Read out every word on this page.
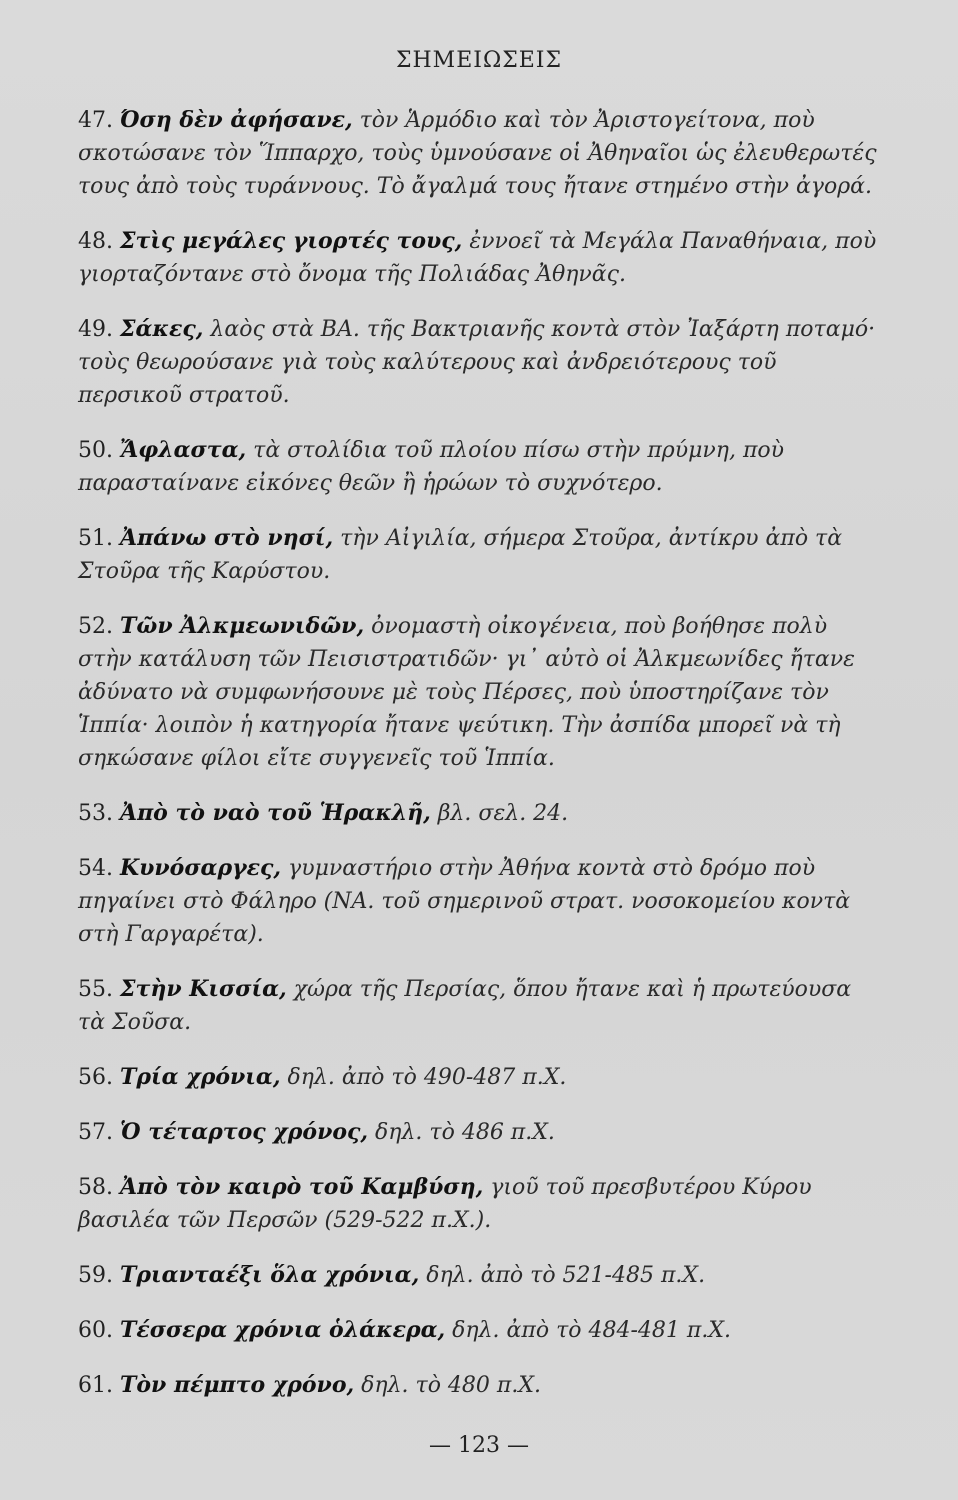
ΣΗΜΕΙΩΣΕΙΣ

47. Όση δὲν ἀφήσανε, τὸν Ἁρμόδιο καὶ τὸν Ἀριστογείτονα, ποὺ σκοτώσανε τὸν Ἵππαρχο, τοὺς ὑμνούσανε οἱ Ἀθηναῖοι ὡς ἐλευθερωτές τους ἀπὸ τοὺς τυράννους. Τὸ ἄγαλμά τους ἤτανε στημένο στὴν ἀγορά.

48. Στὶς μεγάλες γιορτές τους, ἐννοεῖ τὰ Μεγάλα Παναθήναια, ποὺ γιορταζόντανε στὸ ὄνομα τῆς Πολιάδας Ἀθηνᾶς.

49. Σάκες, λαὸς στὰ ΒΑ. τῆς Βακτριανῆς κοντὰ στὸν Ἰαξάρτη ποταμό· τοὺς θεωρούσανε γιὰ τοὺς καλύτερους καὶ ἀνδρειότερους τοῦ περσικοῦ στρατοῦ.

50. Ἄφλαστα, τὰ στολίδια τοῦ πλοίου πίσω στὴν πρύμνη, ποὺ παρασταίνανε εἰκόνες θεῶν ἢ ἡρώων τὸ συχνότερο.

51. Ἀπάνω στὸ νησί, τὴν Αἰγιλία, σήμερα Στοῦρα, ἀντίκρυ ἀπὸ τὰ Στοῦρα τῆς Καρύστου.

52. Τῶν Ἀλκμεωνιδῶν, ὀνομαστὴ οἰκογένεια, ποὺ βοήθησε πολὺ στὴν κατάλυση τῶν Πεισιστρατιδῶν· γι᾽ αὐτὸ οἱ Ἀλκμεωνίδες ἤτανε ἀδύνατο νὰ συμφωνήσουνε μὲ τοὺς Πέρσες, ποὺ ὑποστηρίζανε τὸν Ἱππία· λοιπὸν ἡ κατηγορία ἤτανε ψεύτικη. Τὴν ἀσπίδα μπορεῖ νὰ τὴ σηκώσανε φίλοι εἴτε συγγενεῖς τοῦ Ἱππία.

53. Ἀπὸ τὸ ναὸ τοῦ Ἡρακλῆ, βλ. σελ. 24.

54. Κυνόσαργες, γυμναστήριο στὴν Ἀθήνα κοντὰ στὸ δρόμο ποὺ πηγαίνει στὸ Φάληρο (ΝΑ. τοῦ σημερινοῦ στρατ. νοσοκομείου κοντὰ στὴ Γαργαρέτα).

55. Στὴν Κισσία, χώρα τῆς Περσίας, ὅπου ἤτανε καὶ ἡ πρωτεύουσα τὰ Σοῦσα.

56. Τρία χρόνια, δηλ. ἀπὸ τὸ 490-487 π.Χ.

57. Ὁ τέταρτος χρόνος, δηλ. τὸ 486 π.Χ.

58. Ἀπὸ τὸν καιρὸ τοῦ Καμβύση, γιοῦ τοῦ πρεσβυτέρου Κύρου βασιλέα τῶν Περσῶν (529-522 π.Χ.).

59. Τριανταέξι ὅλα χρόνια, δηλ. ἀπὸ τὸ 521-485 π.Χ.

60. Τέσσερα χρόνια ὁλάκερα, δηλ. ἀπὸ τὸ 484-481 π.Χ.

61. Τὸν πέμπτο χρόνο, δηλ. τὸ 480 π.Χ.

— 123 —
